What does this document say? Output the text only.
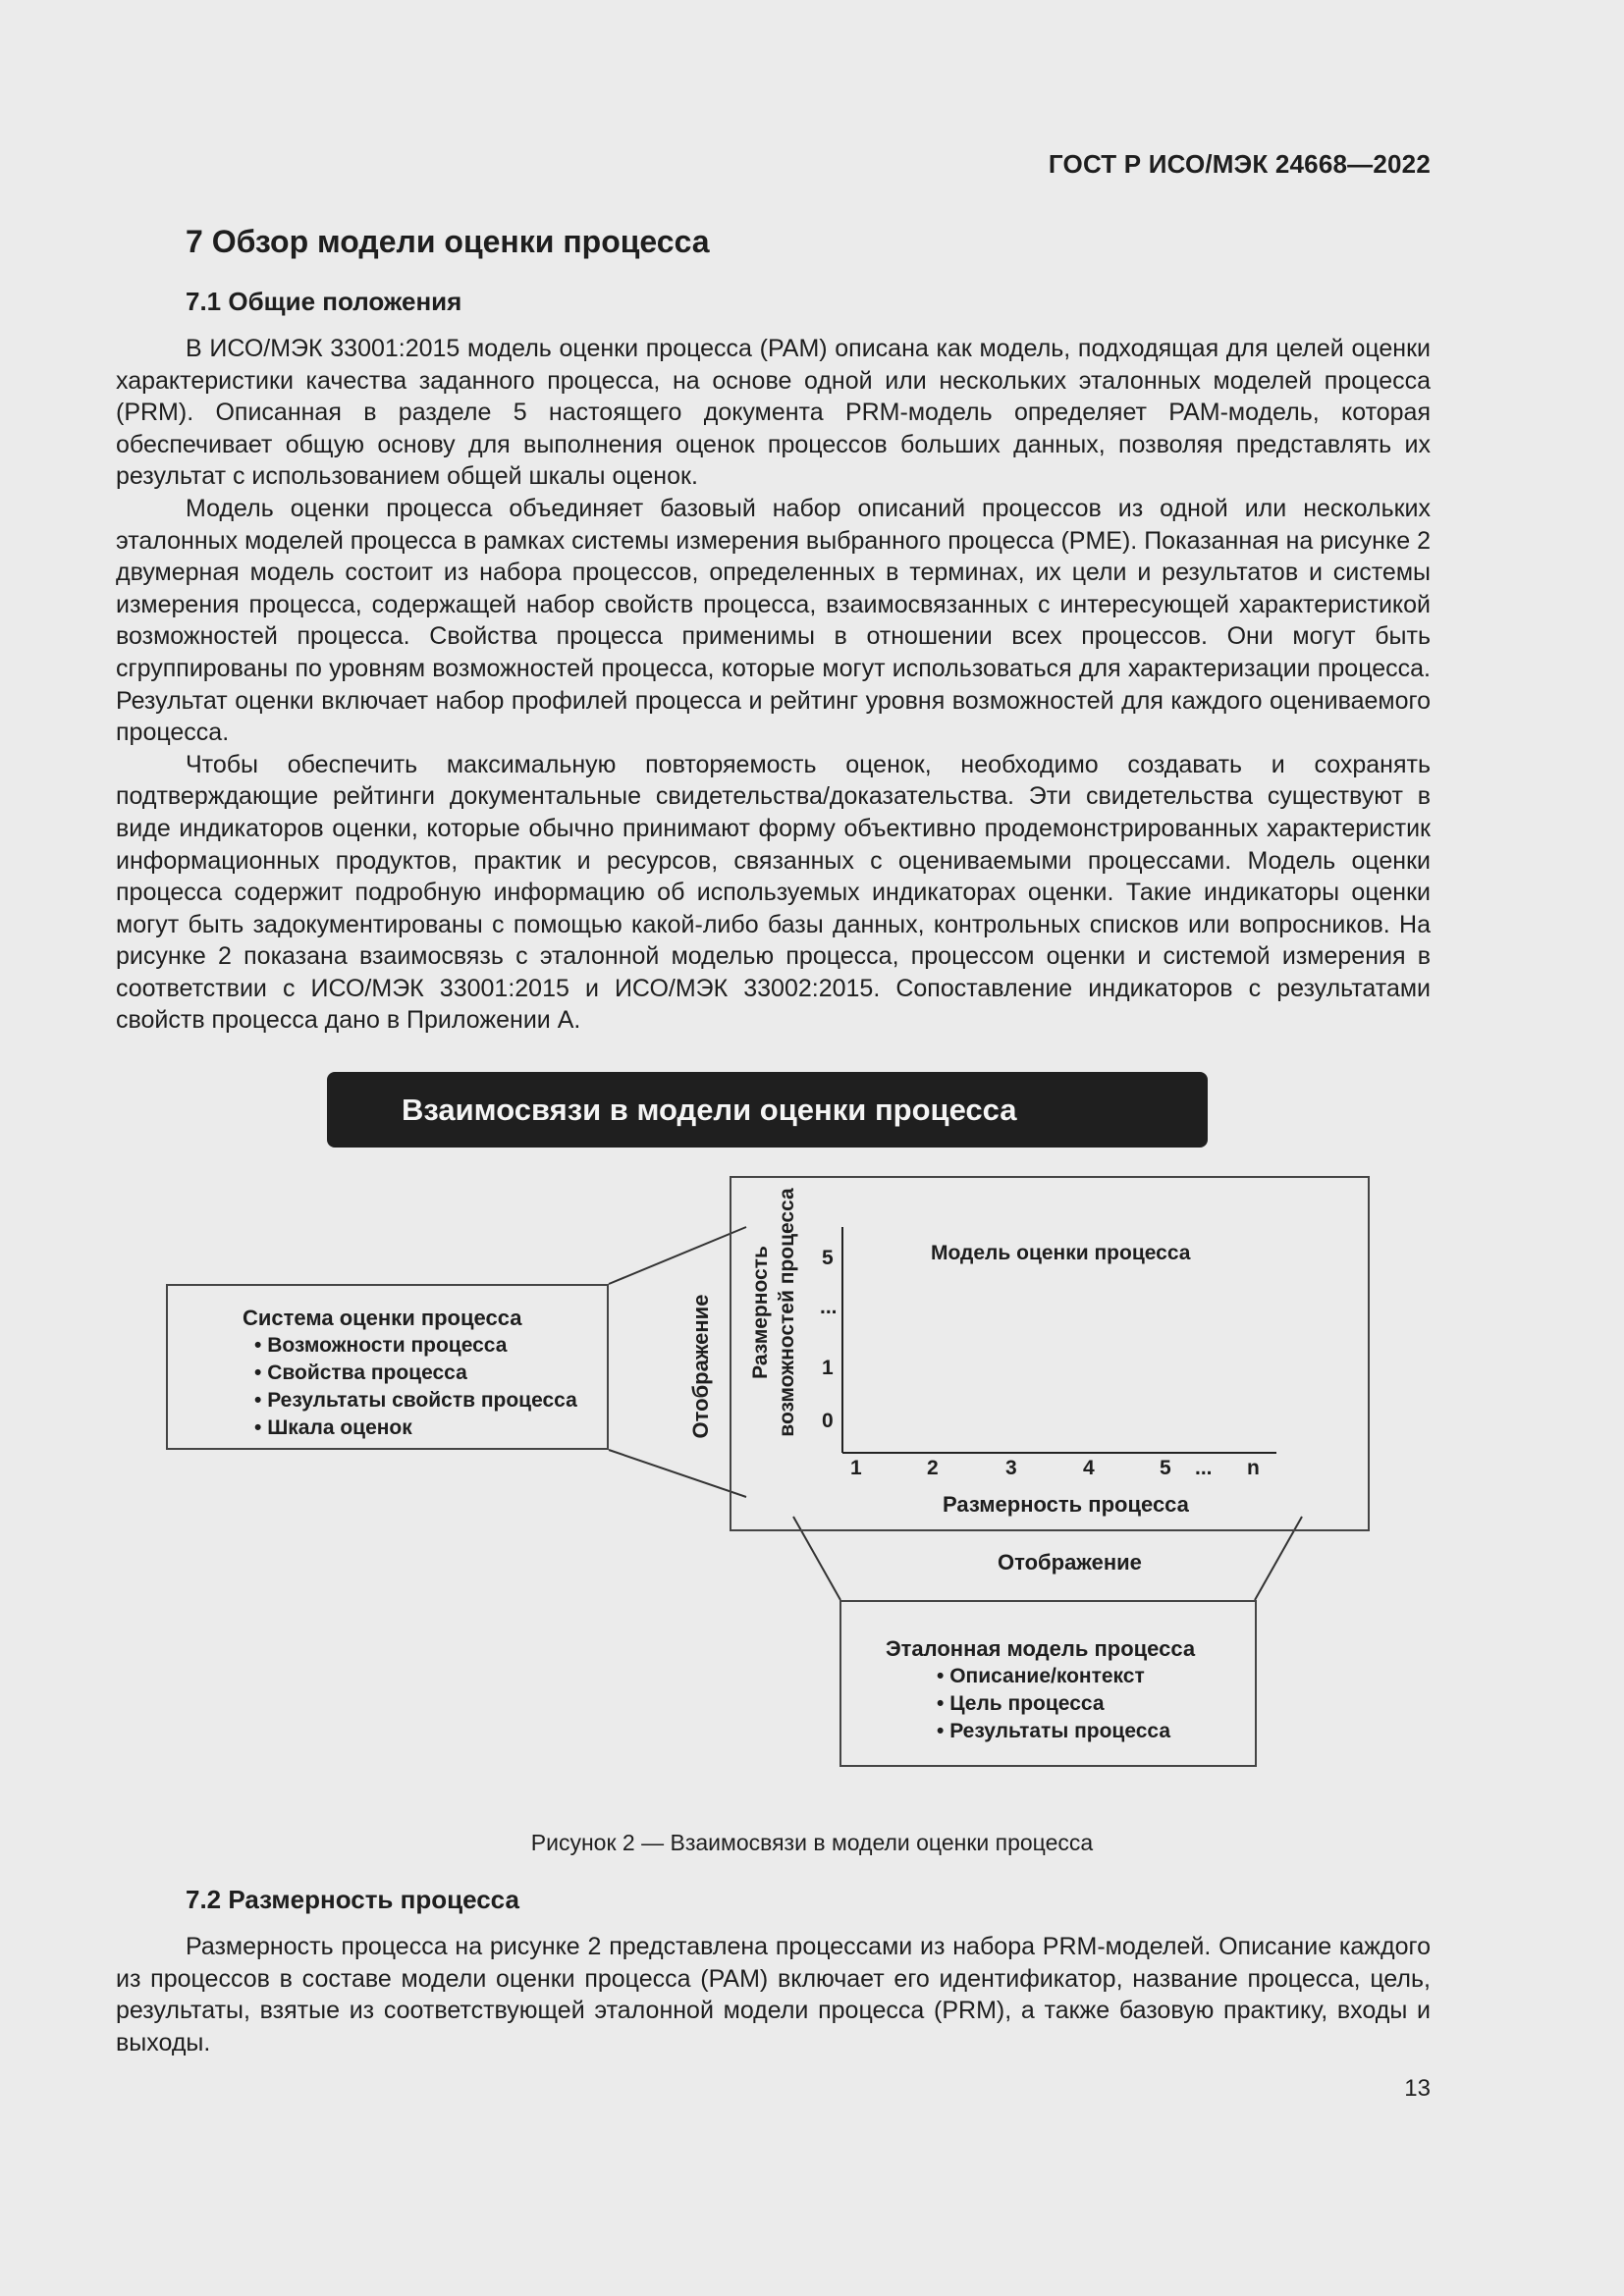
ГОСТ Р ИСО/МЭК 24668—2022
7 Обзор модели оценки процесса
7.1 Общие положения

В ИСО/МЭК 33001:2015 модель оценки процесса (PAM) описана как модель, подходящая для целей оценки характеристики качества заданного процесса, на основе одной или нескольких эталонных моделей процесса (PRM). Описанная в разделе 5 настоящего документа PRM-модель определяет PAM-модель, которая обеспечивает общую основу для выполнения оценок процессов больших данных, позволяя представлять их результат с использованием общей шкалы оценок.

Модель оценки процесса объединяет базовый набор описаний процессов из одной или нескольких эталонных моделей процесса в рамках системы измерения выбранного процесса (PME). Показанная на рисунке 2 двумерная модель состоит из набора процессов, определенных в терминах, их цели и результатов и системы измерения процесса, содержащей набор свойств процесса, взаимосвязанных с интересующей характеристикой возможностей процесса. Свойства процесса применимы в отношении всех процессов. Они могут быть сгруппированы по уровням возможностей процесса, которые могут использоваться для характеризации процесса. Результат оценки включает набор профилей процесса и рейтинг уровня возможностей для каждого оцениваемого процесса.

Чтобы обеспечить максимальную повторяемость оценок, необходимо создавать и сохранять подтверждающие рейтинги документальные свидетельства/доказательства. Эти свидетельства существуют в виде индикаторов оценки, которые обычно принимают форму объективно продемонстрированных характеристик информационных продуктов, практик и ресурсов, связанных с оцениваемыми процессами. Модель оценки процесса содержит подробную информацию об используемых индикаторах оценки. Такие индикаторы оценки могут быть задокументированы с помощью какой-либо базы данных, контрольных списков или вопросников. На рисунке 2 показана взаимосвязь с эталонной моделью процесса, процессом оценки и системой измерения в соответствии с ИСО/МЭК 33001:2015 и ИСО/МЭК 33002:2015. Сопоставление индикаторов с результатами свойств процесса дано в Приложении А.

Взаимосвязи в модели оценки процесса
Система оценки процесса
• Возможности процесса
• Свойства процесса
• Результаты свойств процесса
• Шкала оценок	Отображение Размерность возможностей процесса 5
...
1
0
Модель оценки процесса
1	2	3	4	5 ... n
Размерность процесса
Отображение
Эталонная модель процесса
• Описание/контекст
• Цель процесса
• Результаты процесса
Рисунок 2 — Взаимосвязи в модели оценки процесса
7.2 Размерность процесса

Размерность процесса на рисунке 2 представлена процессами из набора PRM-моделей. Описание каждого из процессов в составе модели оценки процесса (PAM) включает его идентификатор, название процесса, цель, результаты, взятые из соответствующей эталонной модели процесса (PRM), а также базовую практику, входы и выходы.

13
